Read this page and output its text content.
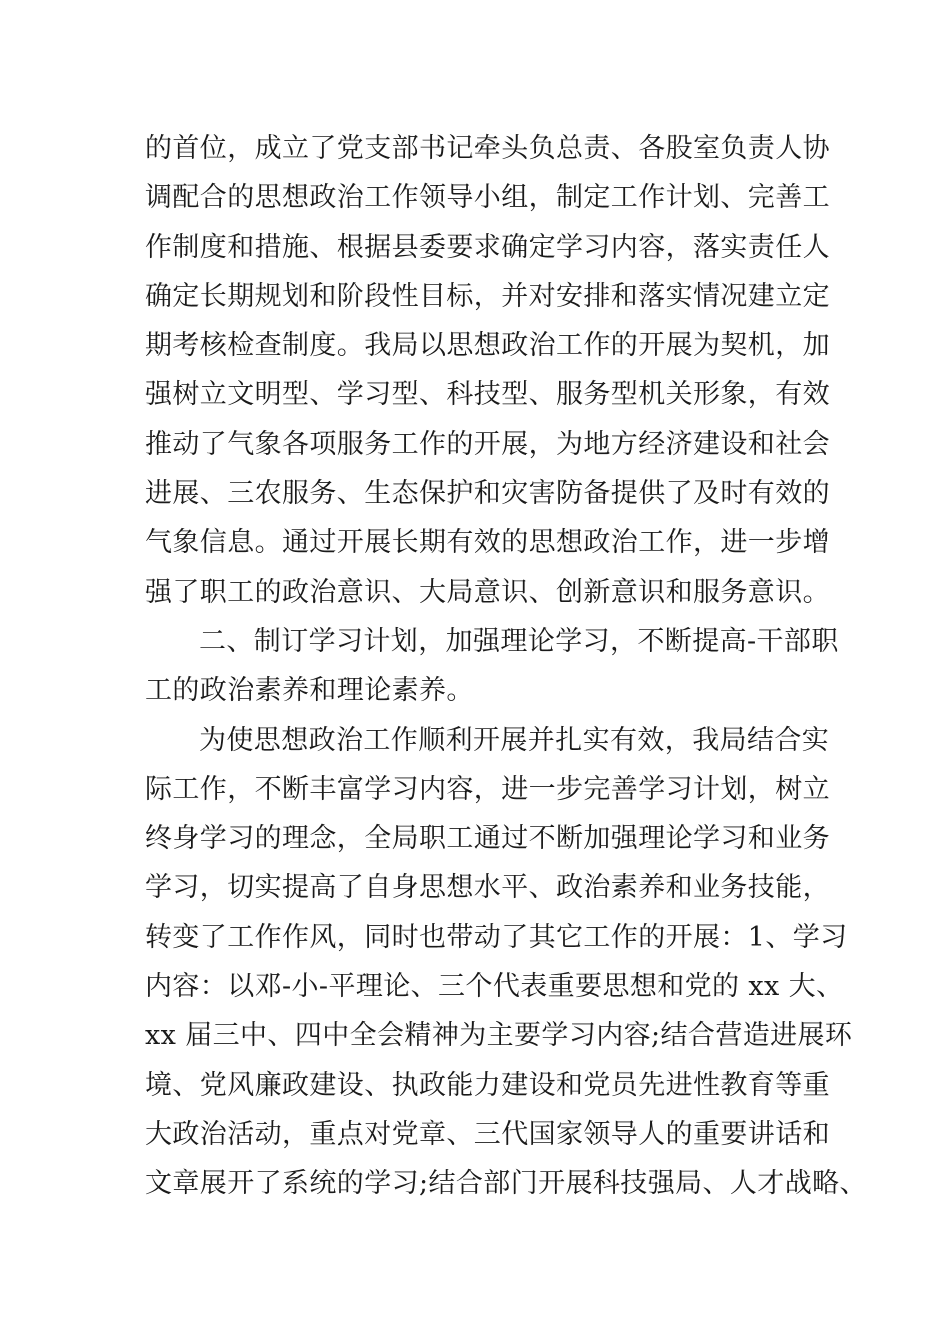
的首位，成立了党支部书记牵头负总责、各股室负责人协
调配合的思想政治工作领导小组，制定工作计划、完善工
作制度和措施、根据县委要求确定学习内容，落实责任人
确定长期规划和阶段性目标，并对安排和落实情况建立定
期考核检查制度。我局以思想政治工作的开展为契机，加
强树立文明型、学习型、科技型、服务型机关形象，有效
推动了气象各项服务工作的开展，为地方经济建设和社会
进展、三农服务、生态保护和灾害防备提供了及时有效的
气象信息。通过开展长期有效的思想政治工作，进一步增
强了职工的政治意识、大局意识、创新意识和服务意识。
二、制订学习计划，加强理论学习，不断提高-干部职
工的政治素养和理论素养。
为使思想政治工作顺利开展并扎实有效，我局结合实
际工作，不断丰富学习内容，进一步完善学习计划，树立
终身学习的理念，全局职工通过不断加强理论学习和业务
学习，切实提高了自身思想水平、政治素养和业务技能，
转变了工作作风，同时也带动了其它工作的开展：1、学习
内容：以邓-小-平理论、三个代表重要思想和党的 xx 大、
xx 届三中、四中全会精神为主要学习内容;结合营造进展环
境、党风廉政建设、执政能力建设和党员先进性教育等重
大政治活动，重点对党章、三代国家领导人的重要讲话和
文章展开了系统的学习;结合部门开展科技强局、人才战略、
